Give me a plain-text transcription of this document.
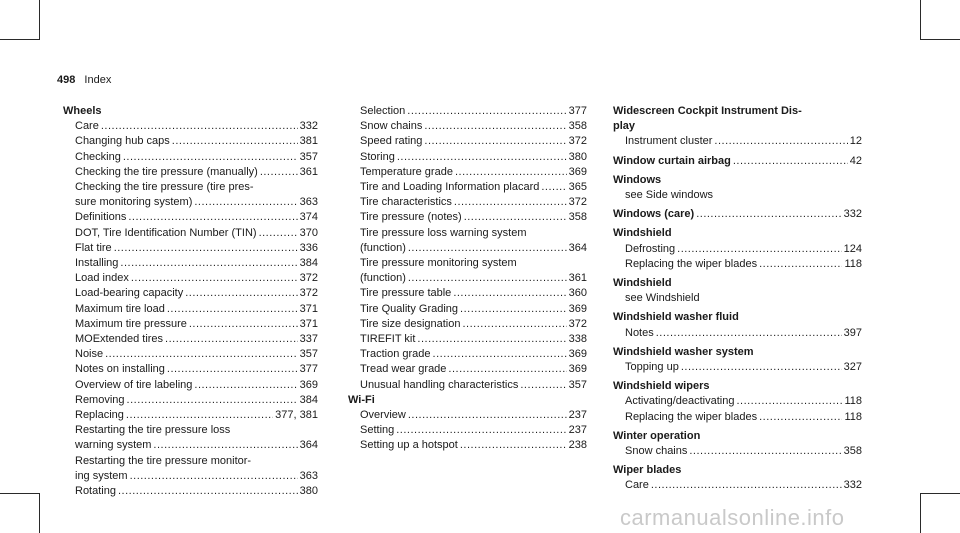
498 Index
Wheels
Care .....	332
Changing hub caps .....	381
Checking .....	357
Checking the tire pressure (manually) .....	361
Checking the tire pressure (tire pres-
sure monitoring system) .....	363
Definitions .....	374
DOT, Tire Identification Number (TIN) .....	370
Flat tire .....	336
Installing .....	384
Load index .....	372
Load-bearing capacity .....	372
Maximum tire load .....	371
Maximum tire pressure .....	371
MOExtended tires .....	337
Noise .....	357
Notes on installing .....	377
Overview of tire labeling .....	369
Removing .....	384
Replacing .....	377, 381
Restarting the tire pressure loss
warning system .....	364
Restarting the tire pressure monitor-
ing system .....	363
Rotating .....	380
Selection .....	377
Snow chains .....	358
Speed rating .....	372
Storing .....	380
Temperature grade .....	369
Tire and Loading Information placard .....	365
Tire characteristics .....	372
Tire pressure (notes) .....	358
Tire pressure loss warning system
(function) .....	364
Tire pressure monitoring system
(function) .....	361
Tire pressure table .....	360
Tire Quality Grading .....	369
Tire size designation .....	372
TIREFIT kit .....	338
Traction grade .....	369
Tread wear grade .....	369
Unusual handling characteristics .....	357
Wi-Fi
Overview .....	237
Setting .....	237
Setting up a hotspot .....	238
Widescreen Cockpit Instrument Dis-
play
Instrument cluster .....	12
Window curtain airbag .....	42
Windows
see Side windows
Windows (care) .....	332
Windshield
Defrosting .....	124
Replacing the wiper blades .....	118
Windshield
see Windshield
Windshield washer fluid
Notes .....	397
Windshield washer system
Topping up .....	327
Windshield wipers
Activating/deactivating .....	118
Replacing the wiper blades .....	118
Winter operation
Snow chains .....	358
Wiper blades
Care .....	332
carmanualsonline.info
